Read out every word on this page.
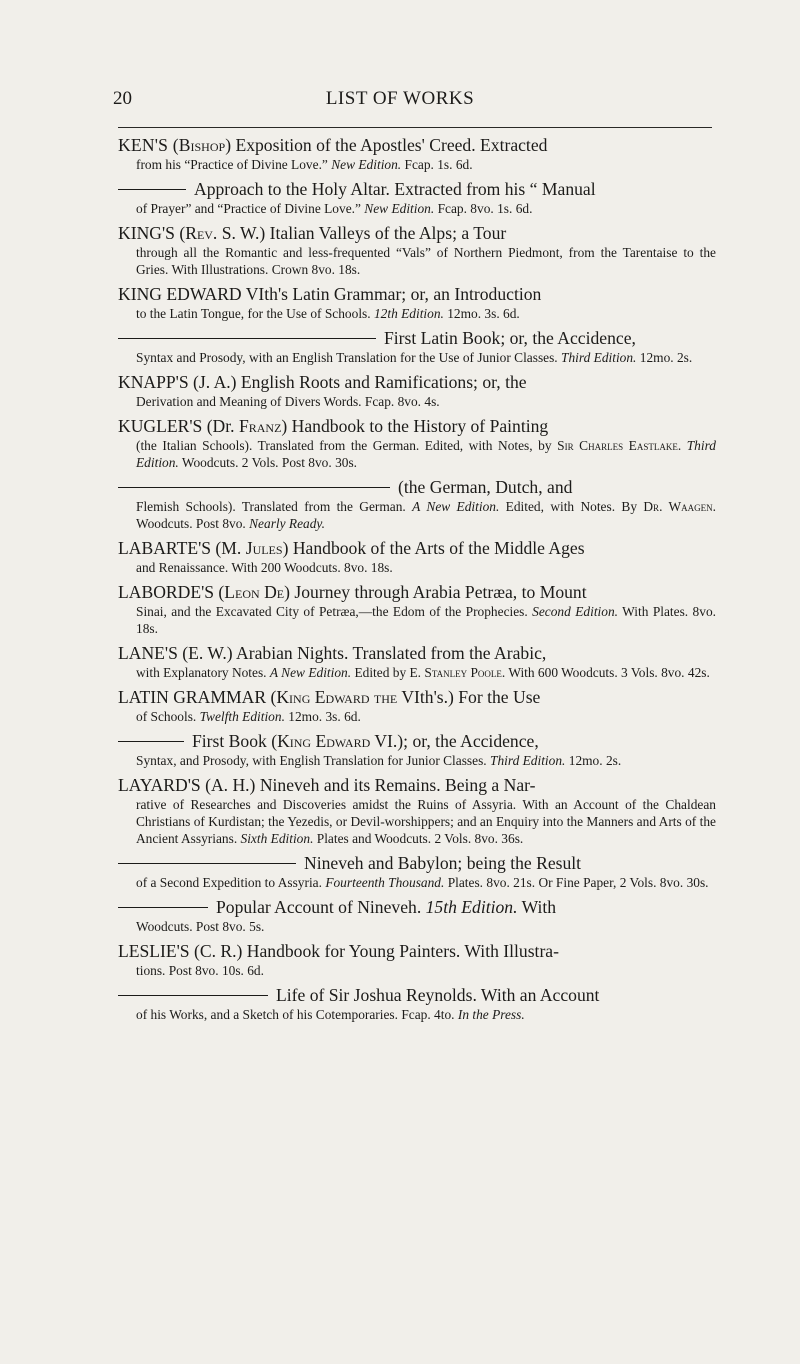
20	LIST OF WORKS
KEN'S (Bishop) Exposition of the Apostles' Creed. Extracted
from his “Practice of Divine Love.” New Edition. Fcap. 1s. 6d.
Approach to the Holy Altar. Extracted from his “ Manual
of Prayer” and “Practice of Divine Love.” New Edition. Fcap. 8vo. 1s. 6d.
KING'S (Rev. S. W.) Italian Valleys of the Alps; a Tour
through all the Romantic and less-frequented “Vals” of Northern Piedmont, from the Tarentaise to the Gries. With Illustrations. Crown 8vo. 18s.
KING EDWARD VIth's Latin Grammar; or, an Introduction
to the Latin Tongue, for the Use of Schools. 12th Edition. 12mo. 3s. 6d.
First Latin Book; or, the Accidence,
Syntax and Prosody, with an English Translation for the Use of Junior Classes. Third Edition. 12mo. 2s.
KNAPP'S (J. A.) English Roots and Ramifications; or, the
Derivation and Meaning of Divers Words. Fcap. 8vo. 4s.
KUGLER'S (Dr. Franz) Handbook to the History of Painting
(the Italian Schools). Translated from the German. Edited, with Notes, by Sir Charles Eastlake. Third Edition. Woodcuts. 2 Vols. Post 8vo. 30s.
(the German, Dutch, and
Flemish Schools). Translated from the German. A New Edition. Edited, with Notes. By Dr. Waagen. Woodcuts. Post 8vo. Nearly Ready.
LABARTE'S (M. Jules) Handbook of the Arts of the Middle Ages
and Renaissance. With 200 Woodcuts. 8vo. 18s.
LABORDE'S (Leon De) Journey through Arabia Petræa, to Mount
Sinai, and the Excavated City of Petræa,—the Edom of the Prophecies. Second Edition. With Plates. 8vo. 18s.
LANE'S (E. W.) Arabian Nights. Translated from the Arabic,
with Explanatory Notes. A New Edition. Edited by E. Stanley Poole. With 600 Woodcuts. 3 Vols. 8vo. 42s.
LATIN GRAMMAR (King Edward the VIth's.) For the Use
of Schools. Twelfth Edition. 12mo. 3s. 6d.
First Book (King Edward VI.); or, the Accidence,
Syntax, and Prosody, with English Translation for Junior Classes. Third Edition. 12mo. 2s.
LAYARD'S (A. H.) Nineveh and its Remains. Being a Nar-
rative of Researches and Discoveries amidst the Ruins of Assyria. With an Account of the Chaldean Christians of Kurdistan; the Yezedis, or Devil-worshippers; and an Enquiry into the Manners and Arts of the Ancient Assyrians. Sixth Edition. Plates and Woodcuts. 2 Vols. 8vo. 36s.
Nineveh and Babylon; being the Result
of a Second Expedition to Assyria. Fourteenth Thousand. Plates. 8vo. 21s. Or Fine Paper, 2 Vols. 8vo. 30s.
Popular Account of Nineveh. 15th Edition. With
Woodcuts. Post 8vo. 5s.
LESLIE'S (C. R.) Handbook for Young Painters. With Illustra-
tions. Post 8vo. 10s. 6d.
Life of Sir Joshua Reynolds. With an Account
of his Works, and a Sketch of his Cotemporaries. Fcap. 4to. In the Press.
